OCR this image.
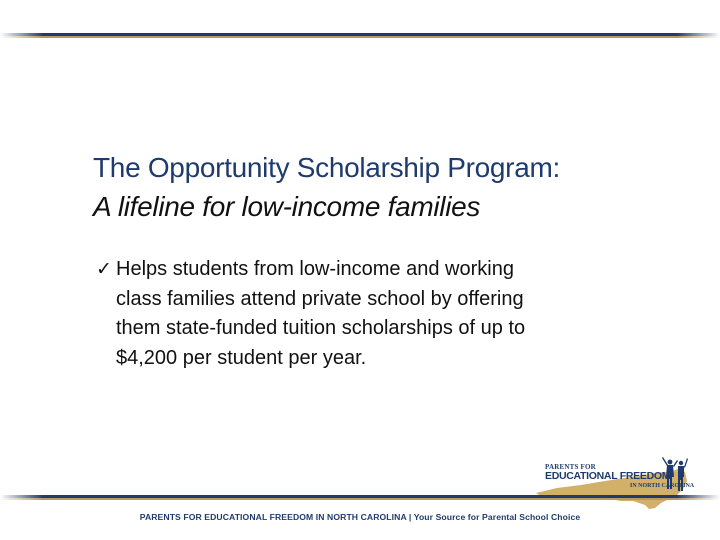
The Opportunity Scholarship Program:
A lifeline for low-income families
✓ Helps students from low-income and working
class families attend private school by offering
them state-funded tuition scholarships of up to
$4,200 per student per year.
PARENTS FOR
EDUCATIONAL FREEDOM
IN NORTH CAROLINA
PARENTS FOR EDUCATIONAL FREEDOM IN NORTH CAROLINA | Your Source for Parental School Choice
